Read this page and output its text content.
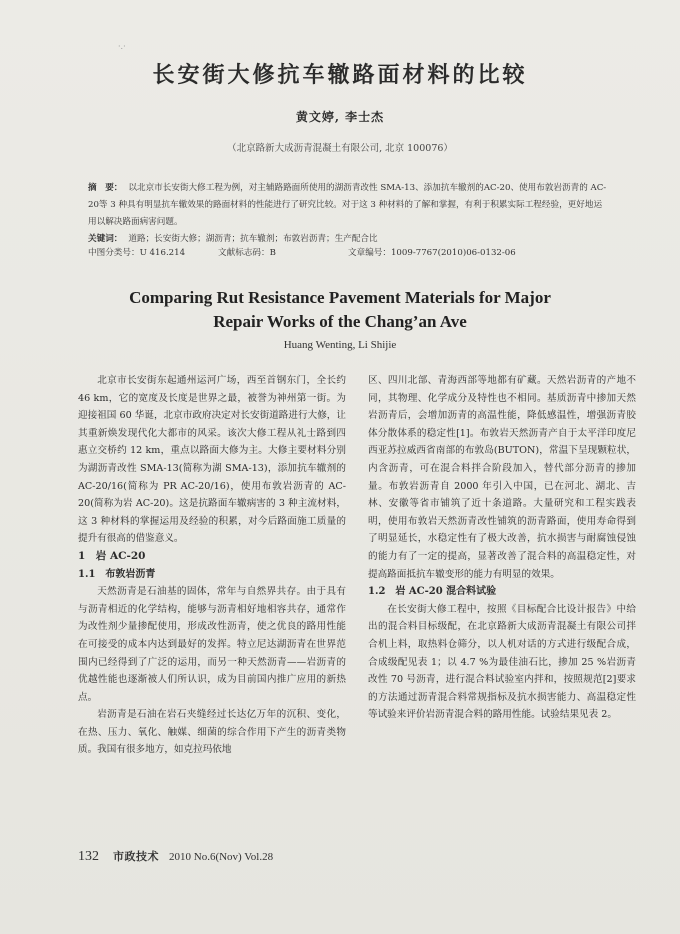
·.·
长安街大修抗车辙路面材料的比较
黄文婷, 李士杰
（北京路新大成沥青混凝土有限公司, 北京 100076）
摘　要： 以北京市长安街大修工程为例，对主辅路路面所使用的湖沥青改性 SMA-13、添加抗车辙剂的AC-20、使用布敦岩沥青的 AC-20等 3 种具有明显抗车辙效果的路面材料的性能进行了研究比较。对于这 3 种材料的了解和掌握，有利于积累实际工程经验，更好地运用以解决路面病害问题。
关键词： 道路；长安街大修；湖沥青；抗车辙剂；布敦岩沥青；生产配合比
中图分类号：U 416.214	文献标志码：B	文章编号：1009-7767(2010)06-0132-06
Comparing Rut Resistance Pavement Materials for Major Repair Works of the Chang’an Ave
Huang Wenting, Li Shijie

北京市长安街东起通州运河广场，西至首钢东门，全长约 46 km，它的宽度及长度是世界之最，被誉为神州第一街。为迎接祖国 60 华诞，北京市政府决定对长安街道路进行大修，让其重新焕发现代化大都市的风采。该次大修工程从礼士路到四惠立交桥约 12 km，重点以路面大修为主。大修主要材料分别为湖沥青改性 SMA-13(简称为湖 SMA-13)，添加抗车辙剂的 AC-20/16(简称为 PR AC-20/16)，使用布敦岩沥青的 AC-20(简称为岩 AC-20)。这是抗路面车辙病害的 3 种主流材料，这 3 种材料的掌握运用及经验的积累，对今后路面施工质量的提升有很高的借鉴意义。

1　岩 AC-20
1.1　布敦岩沥青

天然沥青是石油基的固体，常年与自然界共存。由于具有与沥青相近的化学结构，能够与沥青相好地相容共存，通常作为改性剂少量掺配使用，形成改性沥青，使之优良的路用性能在可接受的成本内达到最好的发挥。特立尼达湖沥青在世界范围内已经得到了广泛的运用，而另一种天然沥青——岩沥青的优越性能也逐渐被人们所认识，成为目前国内推广应用的新热点。

岩沥青是石油在岩石夹缝经过长达亿万年的沉积、变化，在热、压力、氧化、触媒、细菌的综合作用下产生的沥青类物质。我国有很多地方，如克拉玛依地

区、四川北部、青海西部等地都有矿藏。天然岩沥青的产地不同，其物理、化学成分及特性也不相同。基质沥青中掺加天然岩沥青后，会增加沥青的高温性能，降低感温性，增强沥青胶体分散体系的稳定性[1]。布敦岩天然沥青产自于太平洋印度尼西亚苏拉威西省南部的布敦岛(BUTON)，常温下呈现颗粒状，内含沥青，可在混合料拌合阶段加入，替代部分沥青的掺加量。布敦岩沥青自 2000 年引入中国，已在河北、湖北、吉林、安徽等省市铺筑了近十条道路。大量研究和工程实践表明，使用布敦岩天然沥青改性铺筑的沥青路面，使用寿命得到了明显延长，水稳定性有了极大改善，抗水损害与耐腐蚀侵蚀的能力有了一定的提高，显著改善了混合料的高温稳定性，对提高路面抵抗车辙变形的能力有明显的效果。

1.2　岩 AC-20 混合料试验

在长安街大修工程中，按照《目标配合比设计报告》中给出的混合料目标级配，在北京路新大成沥青混凝土有限公司拌合机上料，取热料仓筛分，以人机对话的方式进行级配合成，合成级配见表 1；以 4.7 %为最佳油石比，掺加 25 %岩沥青改性 70 号沥青，进行混合料试验室内拌和，按照规范[2]要求的方法通过沥青混合料常规指标及抗水损害能力、高温稳定性等试验来评价岩沥青混合料的路用性能。试验结果见表 2。

132 市政技术 2010 No.6(Nov) Vol.28
